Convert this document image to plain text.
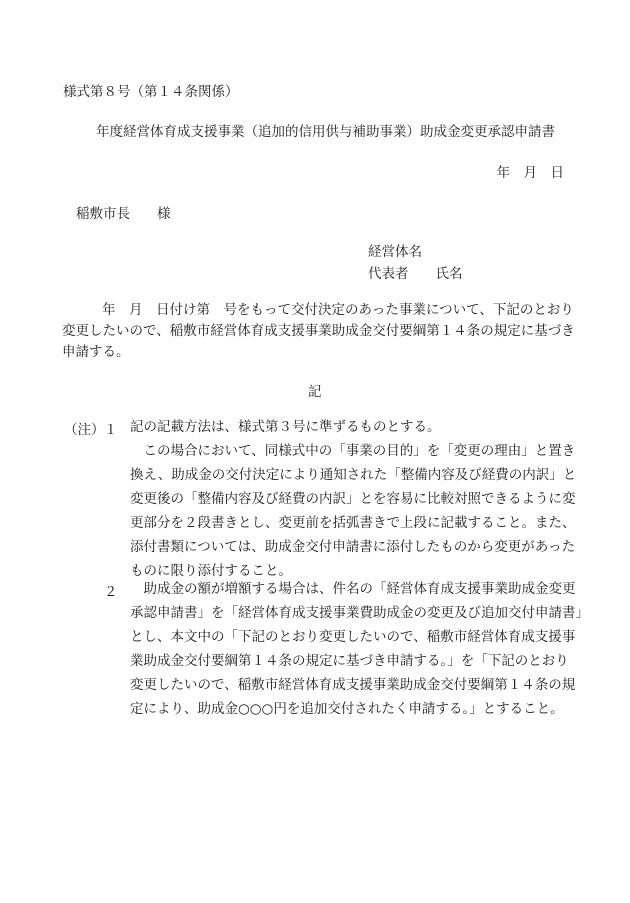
様式第８号（第１４条関係）

年度経営体育成支援事業（追加的信用供与補助事業）助成金変更承認申請書

年　月　日

稲敷市長　　様

経営体名

代表者　　氏名

年　月　日付け第　号をもって交付決定のあった事業について、下記のとおり

変更したいので、稲敷市経営体育成支援事業助成金交付要綱第１４条の規定に基づき

申請する。

記

（注） １ 記の記載方法は、様式第３号に準ずるものとする。
　この場合において、同様式中の「事業の目的」を「変更の理由」と置き
換え、助成金の交付決定により通知された「整備内容及び経費の内訳」と
変更後の「整備内容及び経費の内訳」とを容易に比較対照できるように変
更部分を２段書きとし、変更前を括弧書きで上段に記載すること。また、
添付書類については、助成金交付申請書に添付したものから変更があった
ものに限り添付すること。

２ 　助成金の額が増額する場合は、件名の「経営体育成支援事業助成金変更
承認申請書」を「経営体育成支援事業費助成金の変更及び追加交付申請書」
とし、本文中の「下記のとおり変更したいので、稲敷市経営体育成支援事
業助成金交付要綱第１４条の規定に基づき申請する。」を「下記のとおり
変更したいので、稲敷市経営体育成支援事業助成金交付要綱第１４条の規
定により、助成金○○○円を追加交付されたく申請する。」とすること。
